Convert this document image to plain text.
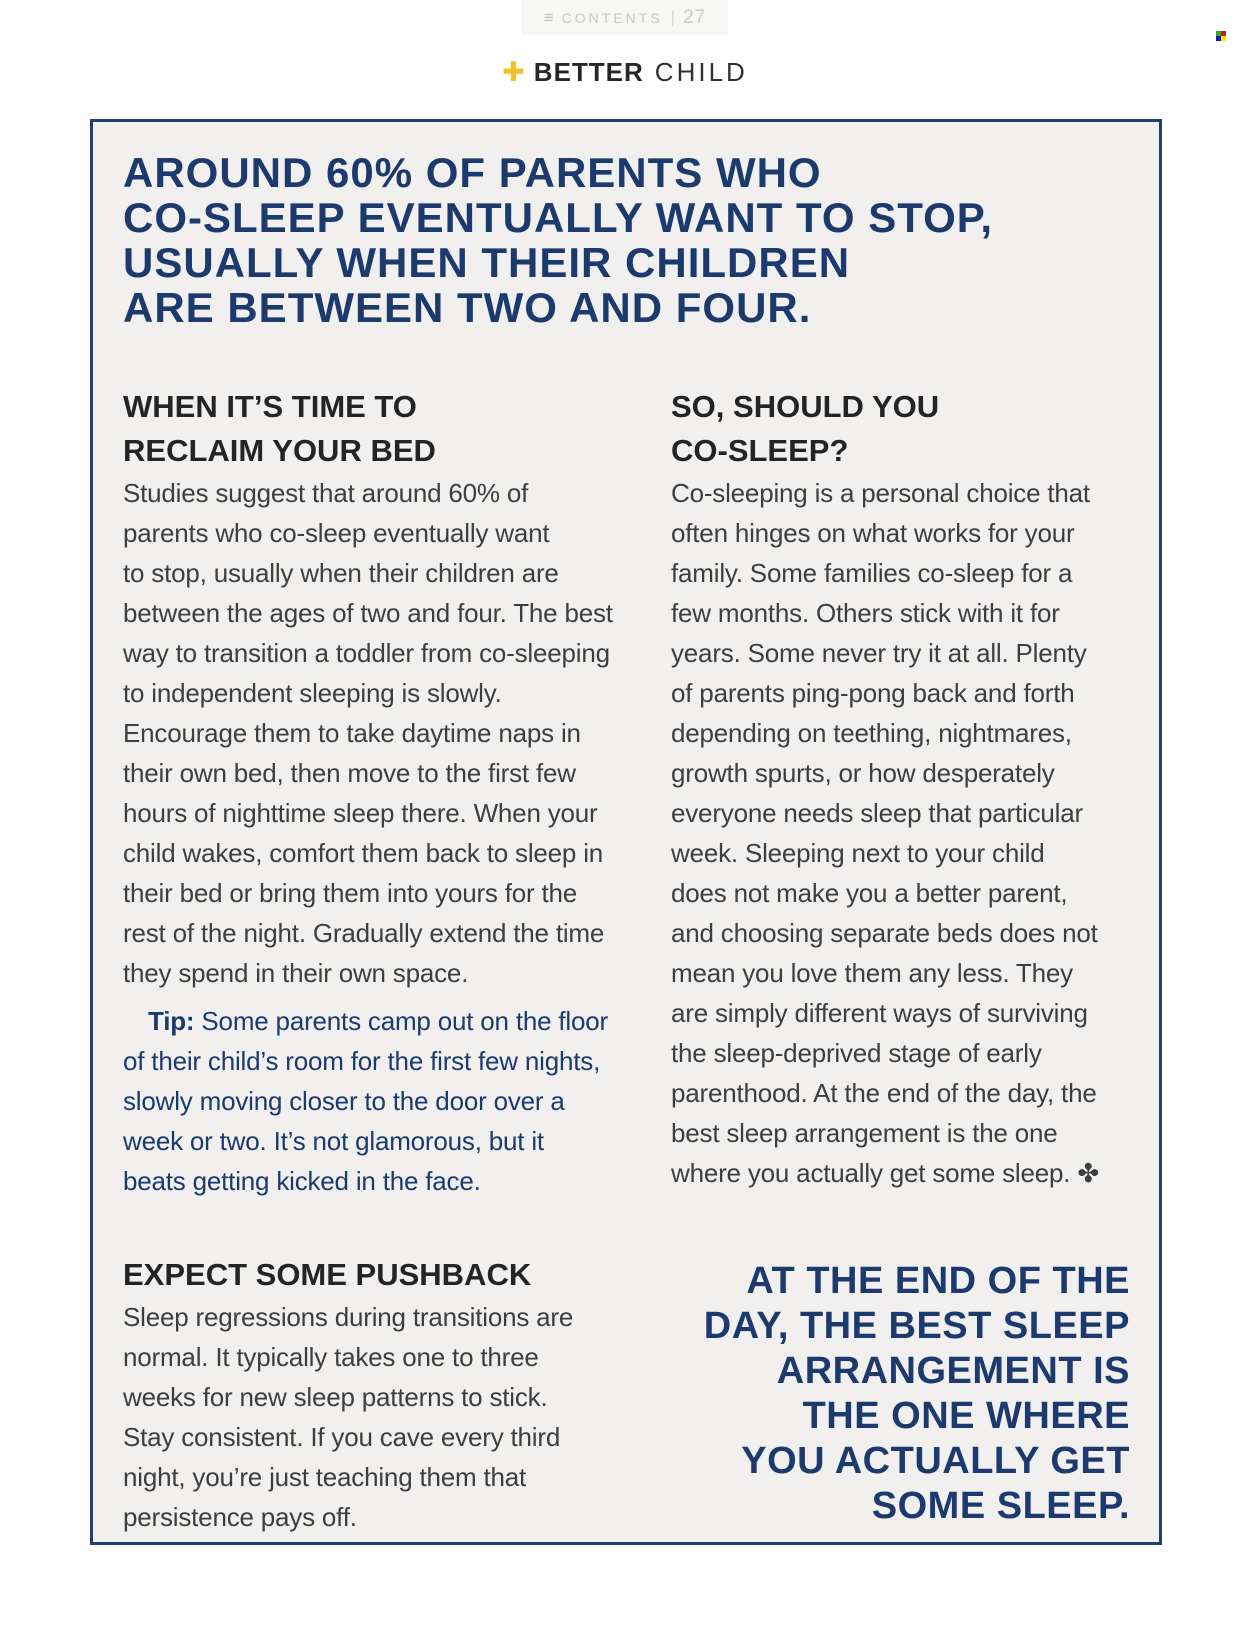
≡ CONTENTS | 27
✚ BETTER CHILD
AROUND 60% OF PARENTS WHO
CO-SLEEP EVENTUALLY WANT TO STOP,
USUALLY WHEN THEIR CHILDREN
ARE BETWEEN TWO AND FOUR.
WHEN IT’S TIME TO
RECLAIM YOUR BED
Studies suggest that around 60% of
parents who co-sleep eventually want
to stop, usually when their children are
between the ages of two and four. The best
way to transition a toddler from co-sleeping
to independent sleeping is slowly.
Encourage them to take daytime naps in
their own bed, then move to the first few
hours of nighttime sleep there. When your
child wakes, comfort them back to sleep in
their bed or bring them into yours for the
rest of the night. Gradually extend the time
they spend in their own space.
Tip: Some parents camp out on the floor
of their child’s room for the first few nights,
slowly moving closer to the door over a
week or two. It’s not glamorous, but it
beats getting kicked in the face.
EXPECT SOME PUSHBACK
Sleep regressions during transitions are
normal. It typically takes one to three
weeks for new sleep patterns to stick.
Stay consistent. If you cave every third
night, you’re just teaching them that
persistence pays off.
SO, SHOULD YOU
CO-SLEEP?
Co-sleeping is a personal choice that
often hinges on what works for your
family. Some families co-sleep for a
few months. Others stick with it for
years. Some never try it at all. Plenty
of parents ping-pong back and forth
depending on teething, nightmares,
growth spurts, or how desperately
everyone needs sleep that particular
week. Sleeping next to your child
does not make you a better parent,
and choosing separate beds does not
mean you love them any less. They
are simply different ways of surviving
the sleep-deprived stage of early
parenthood. At the end of the day, the
best sleep arrangement is the one
where you actually get some sleep. ✤
AT THE END OF THE
DAY, THE BEST SLEEP
ARRANGEMENT IS
THE ONE WHERE
YOU ACTUALLY GET
SOME SLEEP.
